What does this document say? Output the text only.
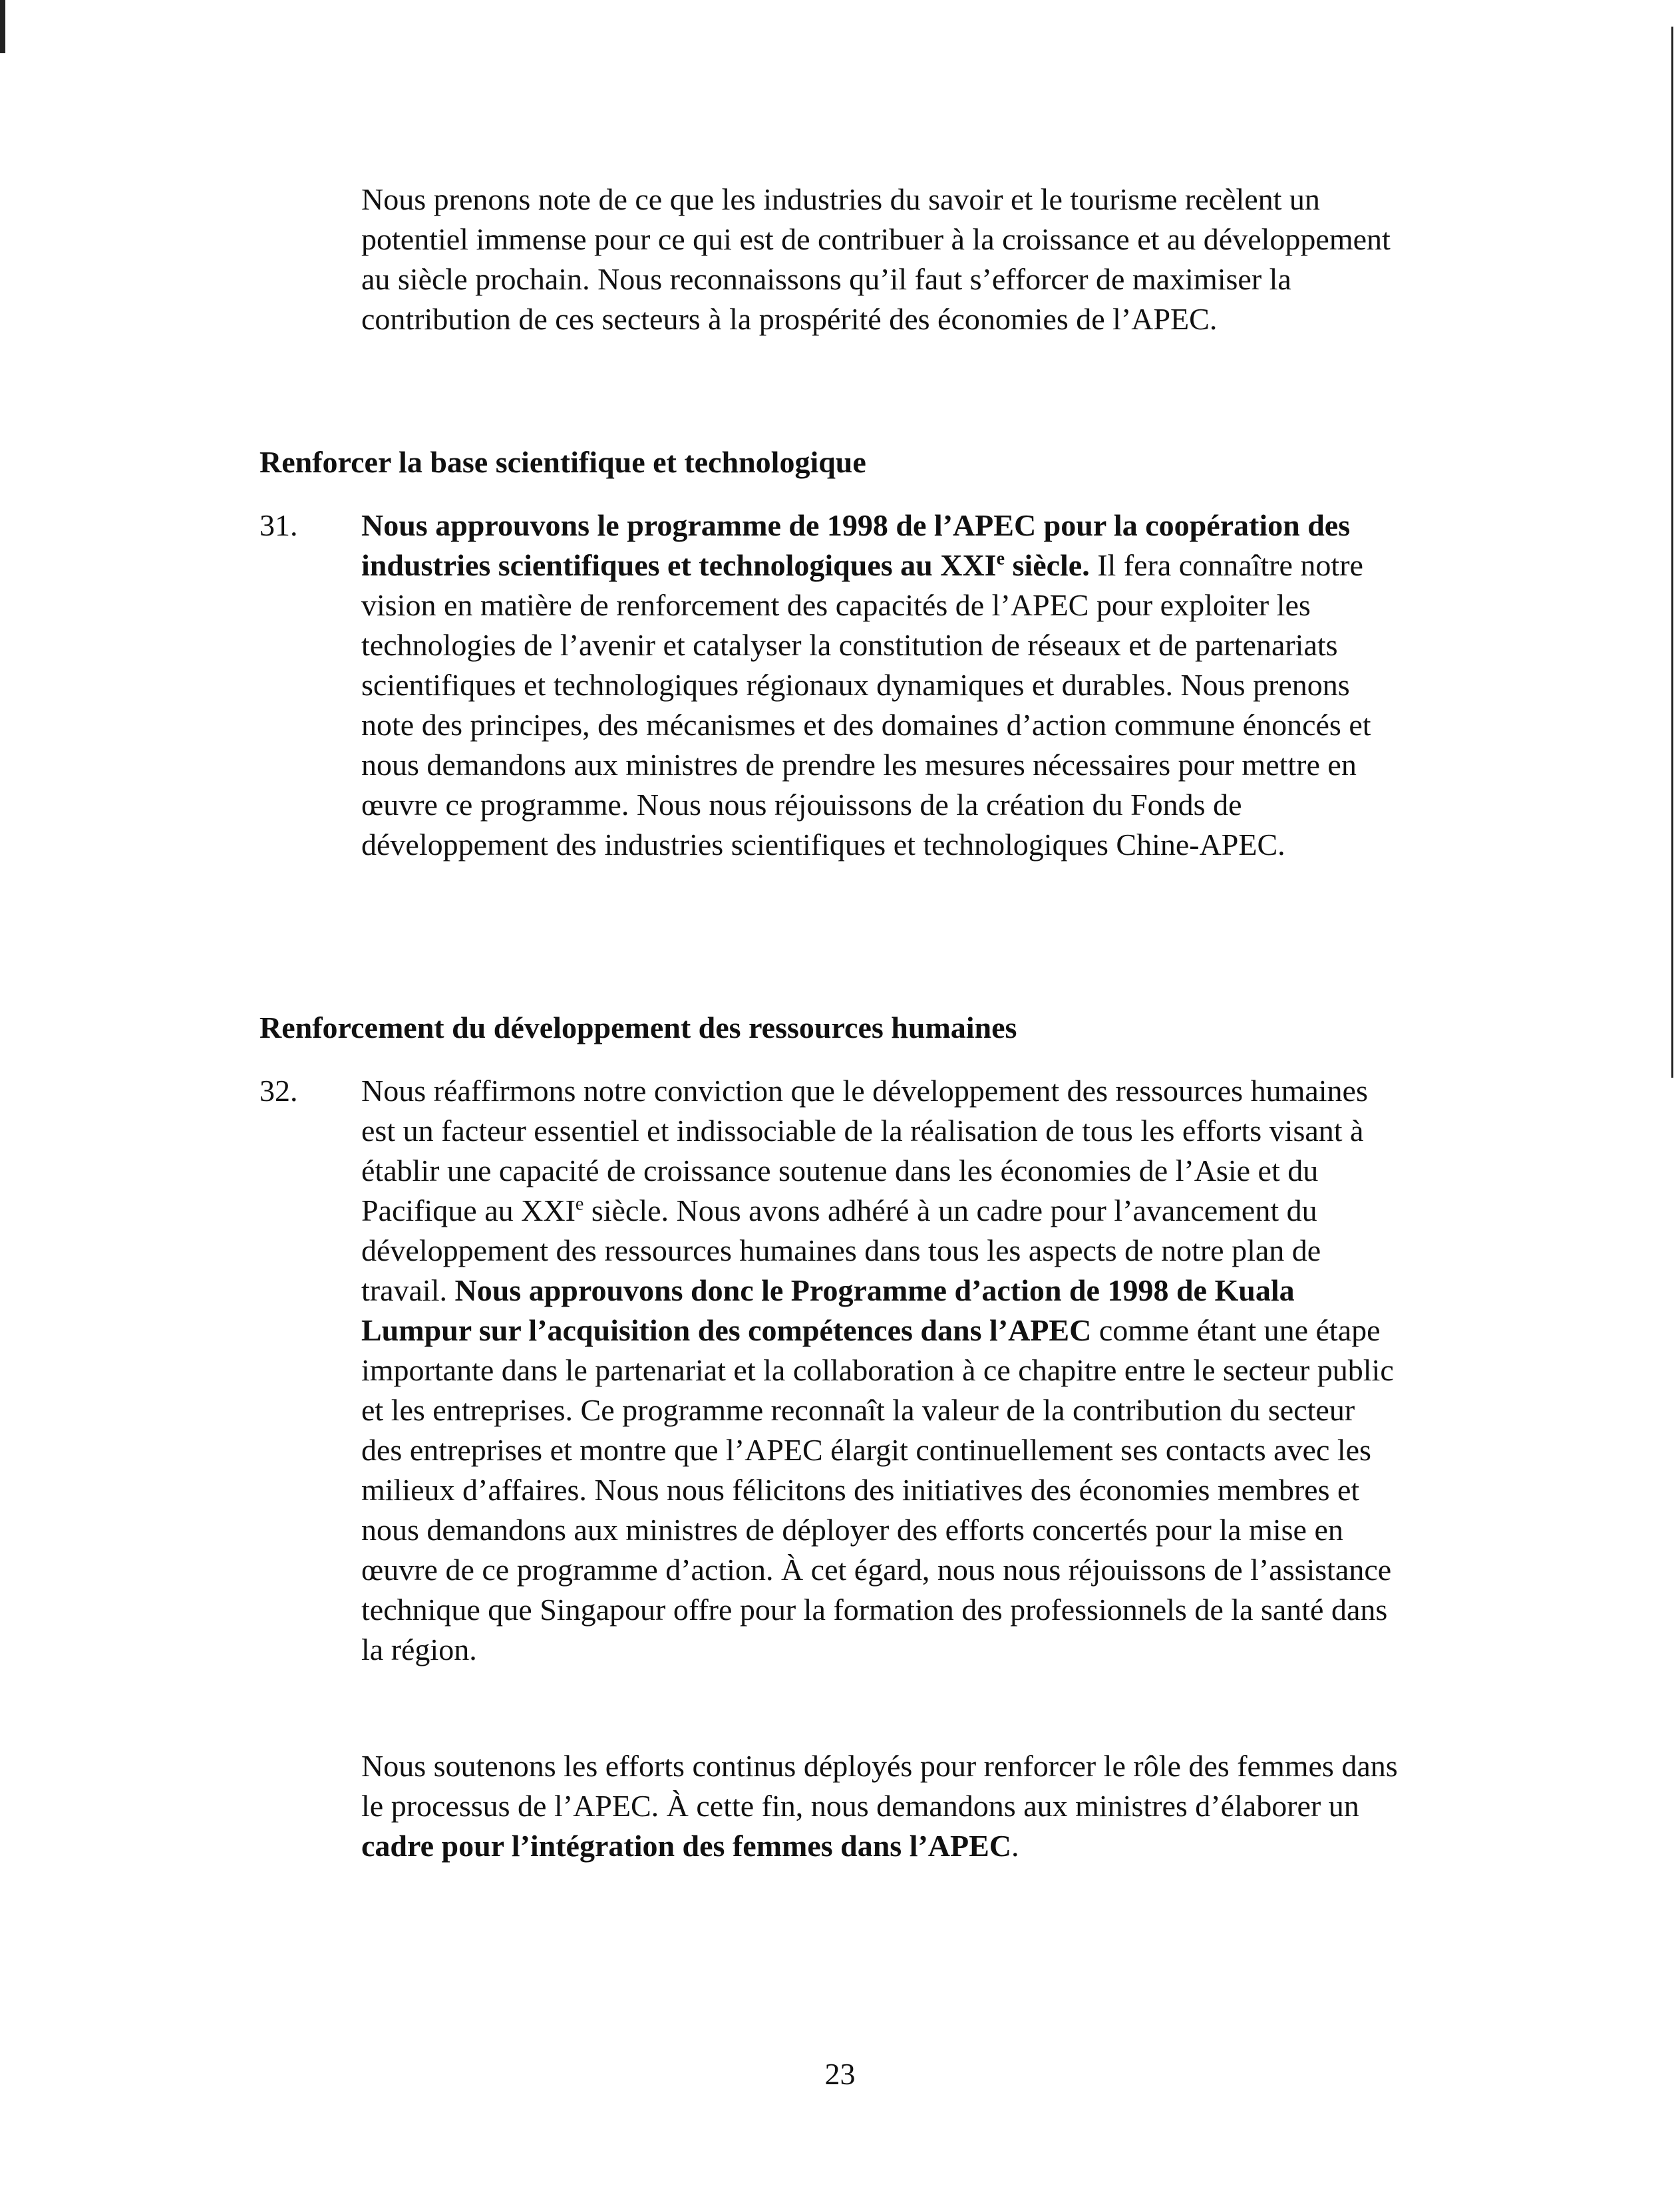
Nous prenons note de ce que les industries du savoir et le tourisme recèlent un potentiel immense pour ce qui est de contribuer à la croissance et au développement au siècle prochain. Nous reconnaissons qu’il faut s’efforcer de maximiser la contribution de ces secteurs à la prospérité des économies de l’APEC.

Renforcer la base scientifique et technologique

31. Nous approuvons le programme de 1998 de l’APEC pour la coopération des industries scientifiques et technologiques au XXIe siècle. Il fera connaître notre vision en matière de renforcement des capacités de l’APEC pour exploiter les technologies de l’avenir et catalyser la constitution de réseaux et de partenariats scientifiques et technologiques régionaux dynamiques et durables. Nous prenons note des principes, des mécanismes et des domaines d’action commune énoncés et nous demandons aux ministres de prendre les mesures nécessaires pour mettre en œuvre ce programme. Nous nous réjouissons de la création du Fonds de développement des industries scientifiques et technologiques Chine-APEC.

Renforcement du développement des ressources humaines

32. Nous réaffirmons notre conviction que le développement des ressources humaines est un facteur essentiel et indissociable de la réalisation de tous les efforts visant à établir une capacité de croissance soutenue dans les économies de l’Asie et du Pacifique au XXIe siècle. Nous avons adhéré à un cadre pour l’avancement du développement des ressources humaines dans tous les aspects de notre plan de travail. Nous approuvons donc le Programme d’action de 1998 de Kuala Lumpur sur l’acquisition des compétences dans l’APEC comme étant une étape importante dans le partenariat et la collaboration à ce chapitre entre le secteur public et les entreprises. Ce programme reconnaît la valeur de la contribution du secteur des entreprises et montre que l’APEC élargit continuellement ses contacts avec les milieux d’affaires. Nous nous félicitons des initiatives des économies membres et nous demandons aux ministres de déployer des efforts concertés pour la mise en œuvre de ce programme d’action. À cet égard, nous nous réjouissons de l’assistance technique que Singapour offre pour la formation des professionnels de la santé dans la région.

Nous soutenons les efforts continus déployés pour renforcer le rôle des femmes dans le processus de l’APEC. À cette fin, nous demandons aux ministres d’élaborer un cadre pour l’intégration des femmes dans l’APEC.

23
